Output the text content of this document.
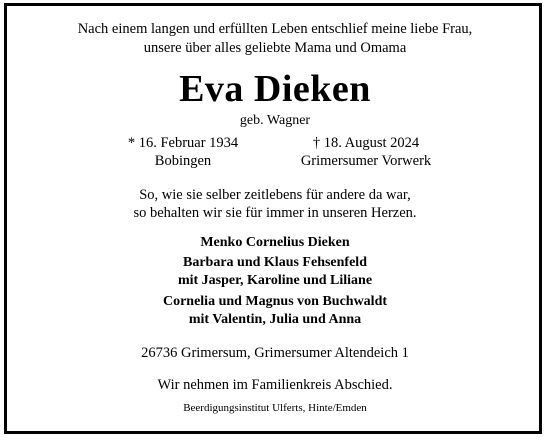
Nach einem langen und erfüllten Leben entschlief meine liebe Frau,
unsere über alles geliebte Mama und Omama
Eva Dieken
geb. Wagner
* 16. Februar 1934
Bobingen
† 18. August 2024
Grimersumer Vorwerk
So, wie sie selber zeitlebens für andere da war,
so behalten wir sie für immer in unseren Herzen.
Menko Cornelius Dieken
Barbara und Klaus Fehsenfeld
mit Jasper, Karoline und Liliane
Cornelia und Magnus von Buchwaldt
mit Valentin, Julia und Anna
26736 Grimersum, Grimersumer Altendeich 1
Wir nehmen im Familienkreis Abschied.
Beerdigungsinstitut Ulferts, Hinte/Emden
